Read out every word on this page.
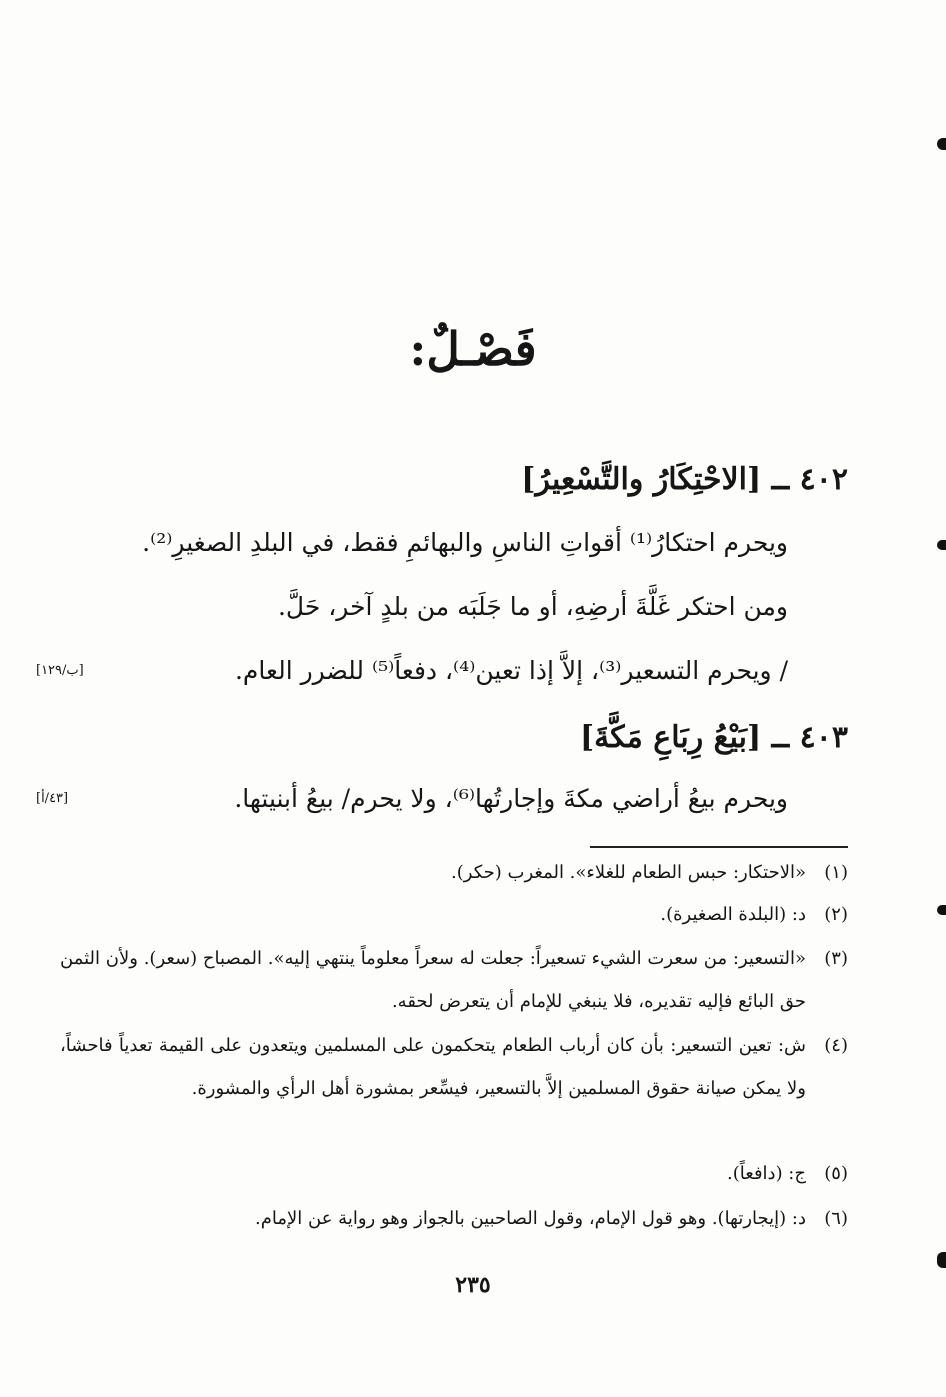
فَصْـلٌ:
٤٠٢ ــ [الاحْتِكَارُ والتَّسْعِيرُ]
ويحرم احتكارُ⁽¹⁾ أقواتِ الناسِ والبهائمِ فقط، في البلدِ الصغيرِ⁽²⁾.
ومن احتكر غَلَّةَ أرضِهِ، أو ما جَلَبَه من بلدٍ آخر، حَلَّ.
/ ويحرم التسعير⁽³⁾، إلاَّ إذا تعين⁽⁴⁾، دفعاً⁽⁵⁾ للضرر العام.
[ب/١٢٩]
٤٠٣ ــ [بَيْعُ رِبَاعِ مَكَّةَ]
ويحرم بيعُ أراضي مكةَ وإجارتُها⁽⁶⁾، ولا يحرم/ بيعُ أبنيتها.
[٤٣/أ]
(١)
«الاحتكار: حبس الطعام للغلاء». المغرب (حكر).
(٢)
د: (البلدة الصغيرة).
(٣)
«التسعير: من سعرت الشيء تسعيراً: جعلت له سعراً معلوماً ينتهي إليه». المصباح (سعر). ولأن الثمن حق البائع فإليه تقديره، فلا ينبغي للإمام أن يتعرض لحقه.
(٤)
ش: تعين التسعير: بأن كان أرباب الطعام يتحكمون على المسلمين ويتعدون على القيمة تعدياً فاحشاً، ولا يمكن صيانة حقوق المسلمين إلاَّ بالتسعير، فيسِّعر بمشورة أهل الرأي والمشورة.
(٥)
ج: (دافعاً).
(٦)
د: (إيجارتها). وهو قول الإمام، وقول الصاحبين بالجواز وهو رواية عن الإمام.
٢٣٥
